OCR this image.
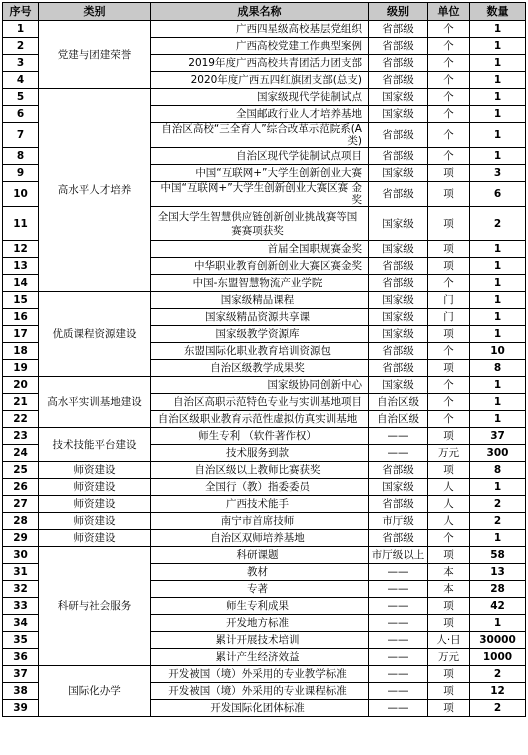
序号	类别	成果名称	级别	单位	数量
1	党建与团建荣誉	广西四星级高校基层党组织	省部级	个	1
2		广西高校党建工作典型案例	省部级	个	1
3		2019年度广西高校共青团活力团支部	省部级	个	1
4		2020年度广西五四红旗团支部(总支)	省部级	个	1
5	高水平人才培养	国家级现代学徒制试点	国家级	个	1
6		全国邮政行业人才培养基地	国家级	个	1
7		自治区高校“三全育人”综合改革示范院系(A类)	省部级	个	1
8		自治区现代学徒制试点项目	省部级	个	1
9		中国“互联网+”大学生创新创业大赛	国家级	项	3
10		中国“互联网+”大学生创新创业大赛区赛 金奖	省部级	项	6
11		全国大学生智慧供应链创新创业挑战赛等国赛赛项获奖	国家级	项	2
12		首届全国职规赛金奖	国家级	项	1
13		中华职业教育创新创业大赛区赛金奖	省部级	项	1
14		中国-东盟智慧物流产业学院	省部级	个	1
15	优质课程资源建设	国家级精品课程	国家级	门	1
16		国家级精品资源共享课	国家级	门	1
17		国家级教学资源库	国家级	项	1
18		东盟国际化职业教育培训资源包	省部级	个	10
19		自治区级教学成果奖	省部级	项	8
20	高水平实训基地建设	国家级协同创新中心	国家级	个	1
21		自治区高职示范特色专业与实训基地项目	自治区级	个	1
22		自治区级职业教育示范性虚拟仿真实训基地	自治区级	个	1
23	技术技能平台建设	师生专利 （软件著作权）	——	项	37
24		技术服务到款	——	万元	300
25	师资建设	自治区级以上教师比赛获奖	省部级	项	8
26	师资建设	全国行（教）指委委员	国家级	人	1
27	师资建设	广西技术能手	省部级	人	2
28	师资建设	南宁市首席技师	市厅级	人	2
29	师资建设	自治区双师培养基地	省部级	个	1
30	科研与社会服务	科研课题	市厅级以上	项	58
31		教材	——	本	13
32		专著	——	本	28
33		师生专利成果	——	项	42
34		开发地方标准	——	项	1
35		累计开展技术培训	——	人·日	30000
36		累计产生经济效益	——	万元	1000
37	国际化办学	开发被国（境）外采用的专业教学标准	——	项	2
38		开发被国（境）外采用的专业课程标准	——	项	12
39		开发国际化团体标准	——	项	2
